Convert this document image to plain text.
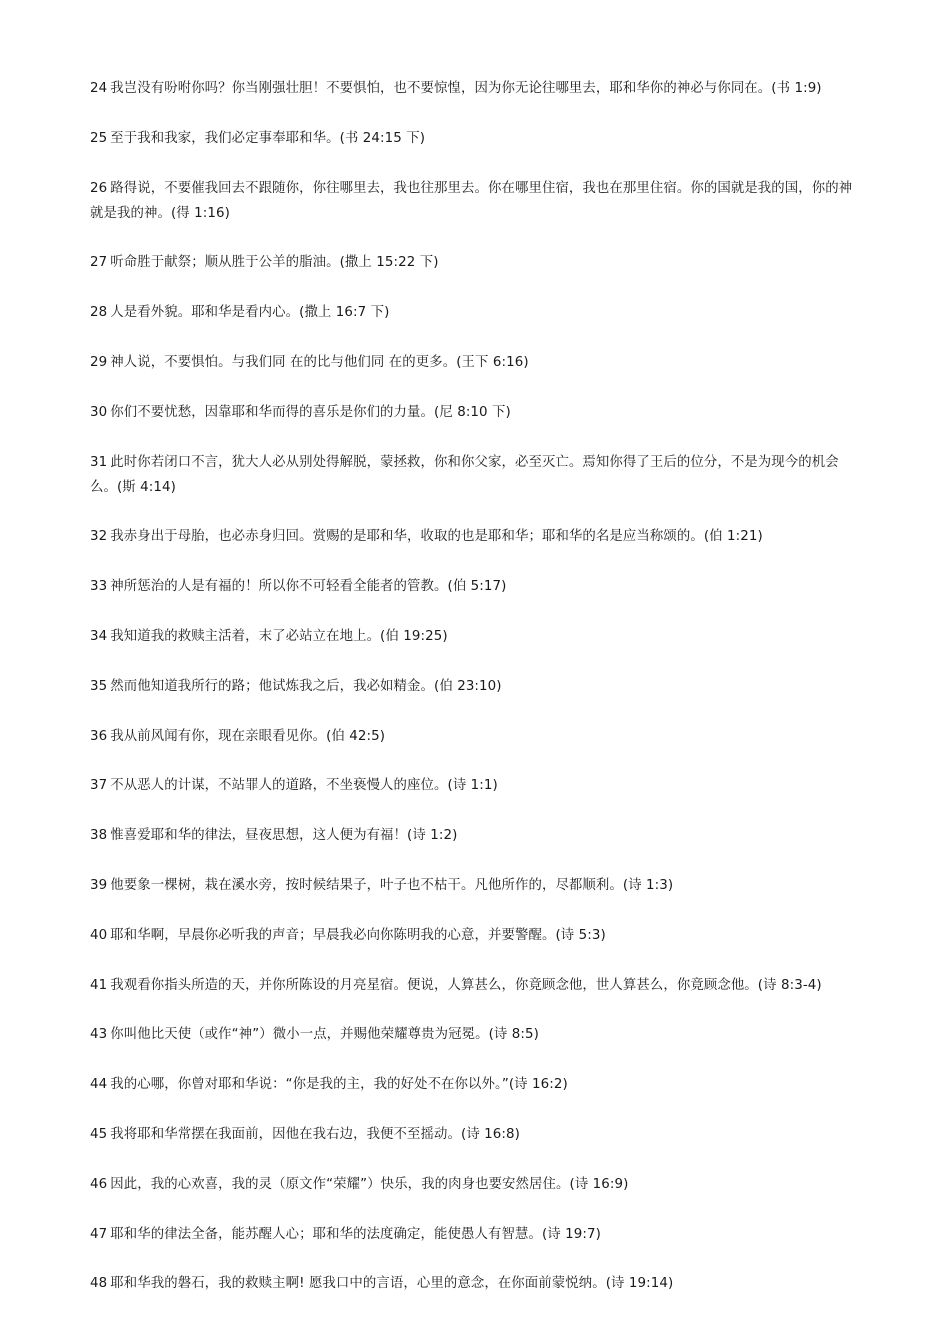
24 我岂没有吩咐你吗？你当刚强壮胆！不要惧怕，也不要惊惶，因为你无论往哪里去，耶和华你的神必与你同在。(书 1:9)

25 至于我和我家，我们必定事奉耶和华。(书 24:15 下)

26 路得说，不要催我回去不跟随你，你往哪里去，我也往那里去。你在哪里住宿，我也在那里住宿。你的国就是我的国，你的神就是我的神。(得 1:16)

27 听命胜于献祭；顺从胜于公羊的脂油。(撒上 15:22 下)

28 人是看外貌。耶和华是看内心。(撒上 16:7 下)

29 神人说，不要惧怕。与我们同 在的比与他们同 在的更多。(王下 6:16)

30 你们不要忧愁，因靠耶和华而得的喜乐是你们的力量。(尼 8:10 下)

31 此时你若闭口不言，犹大人必从别处得解脱，蒙拯救，你和你父家，必至灭亡。焉知你得了王后的位分，不是为现今的机会么。(斯 4:14)

32 我赤身出于母胎，也必赤身归回。赏赐的是耶和华，收取的也是耶和华；耶和华的名是应当称颂的。(伯 1:21)

33 神所惩治的人是有福的！所以你不可轻看全能者的管教。(伯 5:17)

34 我知道我的救赎主活着，末了必站立在地上。(伯 19:25)

35 然而他知道我所行的路；他试炼我之后，我必如精金。(伯 23:10)

36 我从前风闻有你，现在亲眼看见你。(伯 42:5)

37 不从恶人的计谋，不站罪人的道路，不坐亵慢人的座位。(诗 1:1)

38 惟喜爱耶和华的律法，昼夜思想，这人便为有福！(诗 1:2)

39 他要象一棵树，栽在溪水旁，按时候结果子，叶子也不枯干。凡他所作的，尽都顺利。(诗 1:3)

40 耶和华啊，早晨你必听我的声音；早晨我必向你陈明我的心意，并要警醒。(诗 5:3)

41 我观看你指头所造的天，并你所陈设的月亮星宿。便说，人算甚么，你竟顾念他，世人算甚么，你竟顾念他。(诗 8:3-4)

43 你叫他比天使（或作“神”）微小一点，并赐他荣耀尊贵为冠冕。(诗 8:5)

44 我的心哪，你曾对耶和华说：“你是我的主，我的好处不在你以外。”(诗 16:2)

45 我将耶和华常摆在我面前，因他在我右边，我便不至摇动。(诗 16:8)

46 因此，我的心欢喜，我的灵（原文作“荣耀”）快乐，我的肉身也要安然居住。(诗 16:9)

47 耶和华的律法全备，能苏醒人心；耶和华的法度确定，能使愚人有智慧。(诗 19:7)

48 耶和华我的磐石，我的救赎主啊! 愿我口中的言语，心里的意念，在你面前蒙悦纳。(诗 19:14)
